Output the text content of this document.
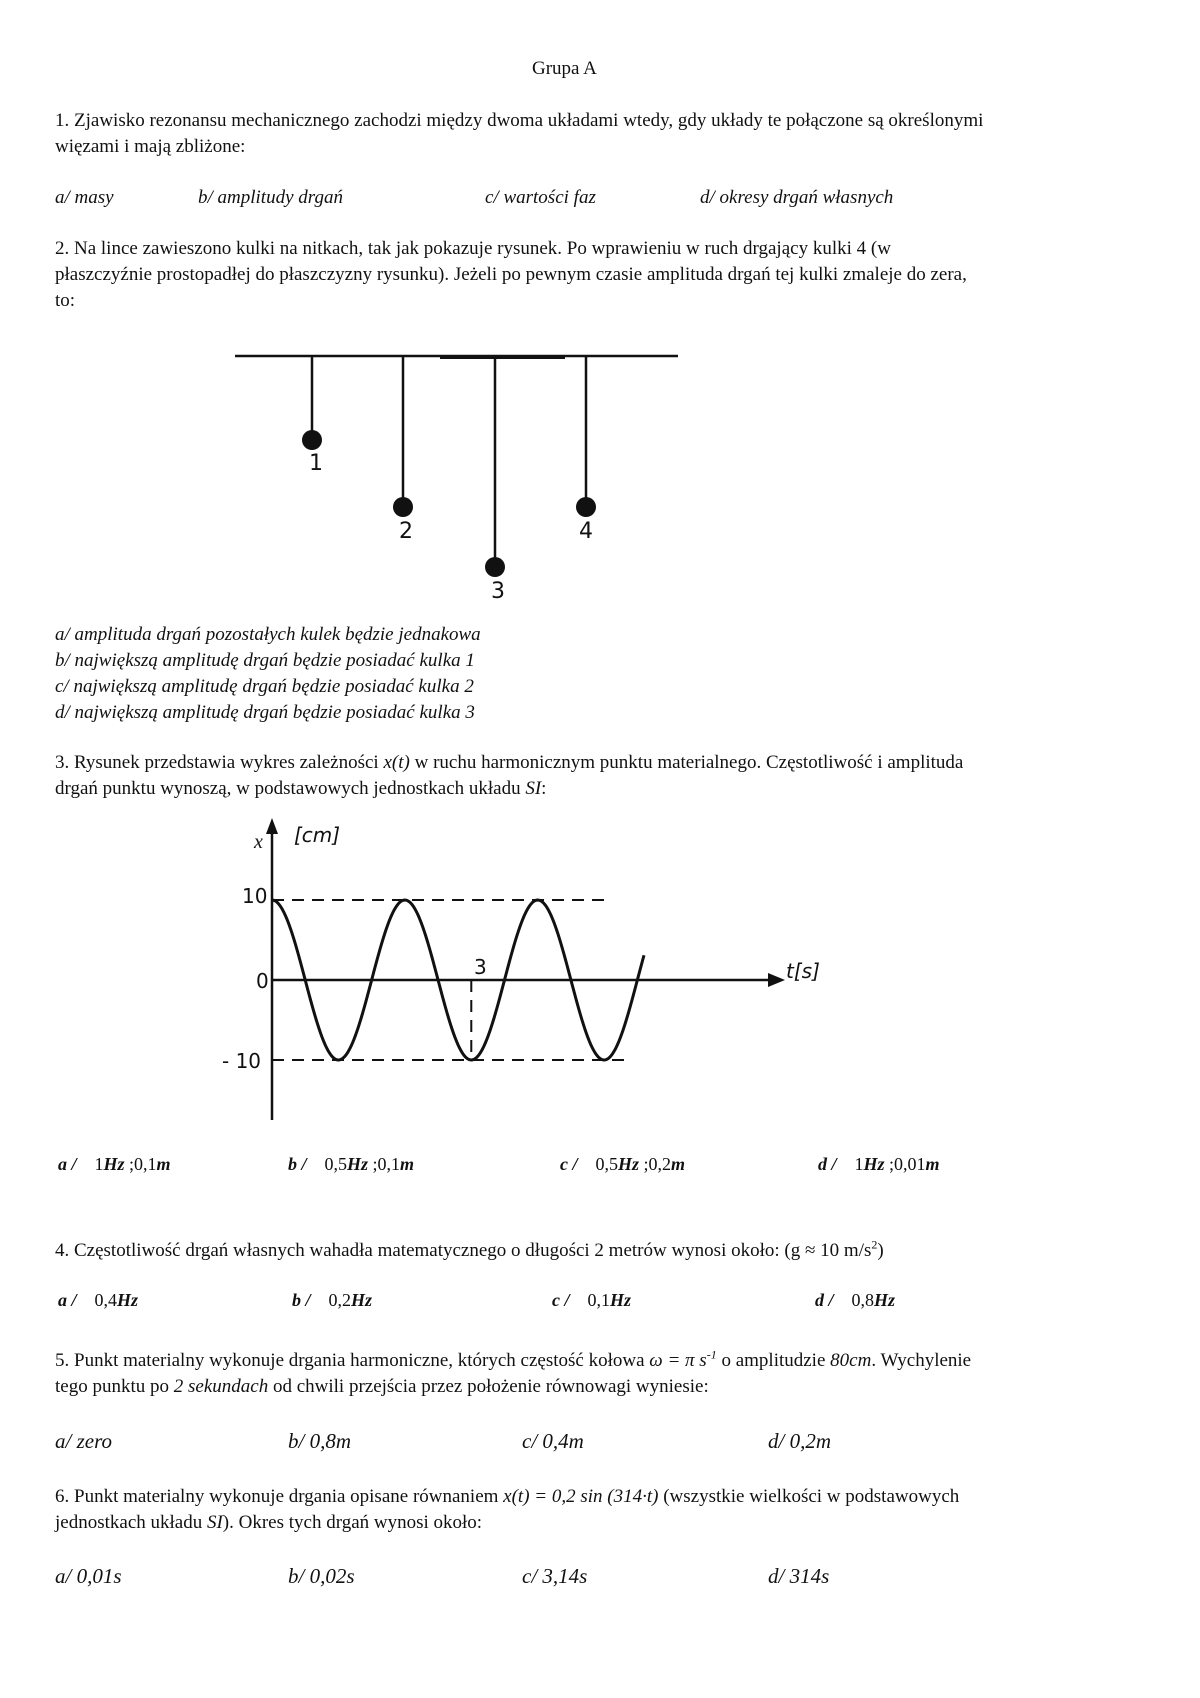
Grupa A
1. Zjawisko rezonansu mechanicznego zachodzi między dwoma układami wtedy, gdy układy te połączone są określonymi
więzami i mają zbliżone:
a/ masy	b/ amplitudy drgań	c/ wartości faz	d/ okresy drgań własnych
2. Na lince zawieszono kulki na nitkach, tak jak pokazuje rysunek. Po wprawieniu w ruch drgający kulki 4 (w
płaszczyźnie prostopadłej do płaszczyzny rysunku). Jeżeli po pewnym czasie amplituda drgań tej kulki zmaleje do zera,
to:
1
2
3
4
a/ amplituda drgań pozostałych kulek będzie jednakowa
b/ największą amplitudę drgań będzie posiadać kulka 1
c/ największą amplitudę drgań będzie posiadać kulka 2
d/ największą amplitudę drgań będzie posiadać kulka 3
3. Rysunek przedstawia wykres zależności x(t) w ruchu harmonicznym punktu materialnego. Częstotliwość i amplituda
drgań punktu wynoszą, w podstawowych jednostkach układu SI:
x [cm]
t[s]
10
0
- 10
3
a / 1Hz ;0,1m	b / 0,5Hz ;0,1m	c / 0,5Hz ;0,2m	d / 1Hz ;0,01m
4. Częstotliwość drgań własnych wahadła matematycznego o długości 2 metrów wynosi około: (g ≈ 10 $m/s^2$)
a / 0,4Hz	b / 0,2Hz	c / 0,1Hz	d / 0,8Hz
5. Punkt materialny wykonuje drgania harmoniczne, których częstość kołowa ω = π $s^{-1}$ o amplitudzie 80cm. Wychylenie
tego punktu po 2 sekundach od chwili przejścia przez położenie równowagi wyniesie:
a/ zero	b/ 0,8m	c/ 0,4m	d/ 0,2m
6. Punkt materialny wykonuje drgania opisane równaniem x(t) = 0,2 sin (314·t) (wszystkie wielkości w podstawowych
jednostkach układu SI). Okres tych drgań wynosi około:
a/ 0,01s	b/ 0,02s	c/ 3,14s	d/ 314s
